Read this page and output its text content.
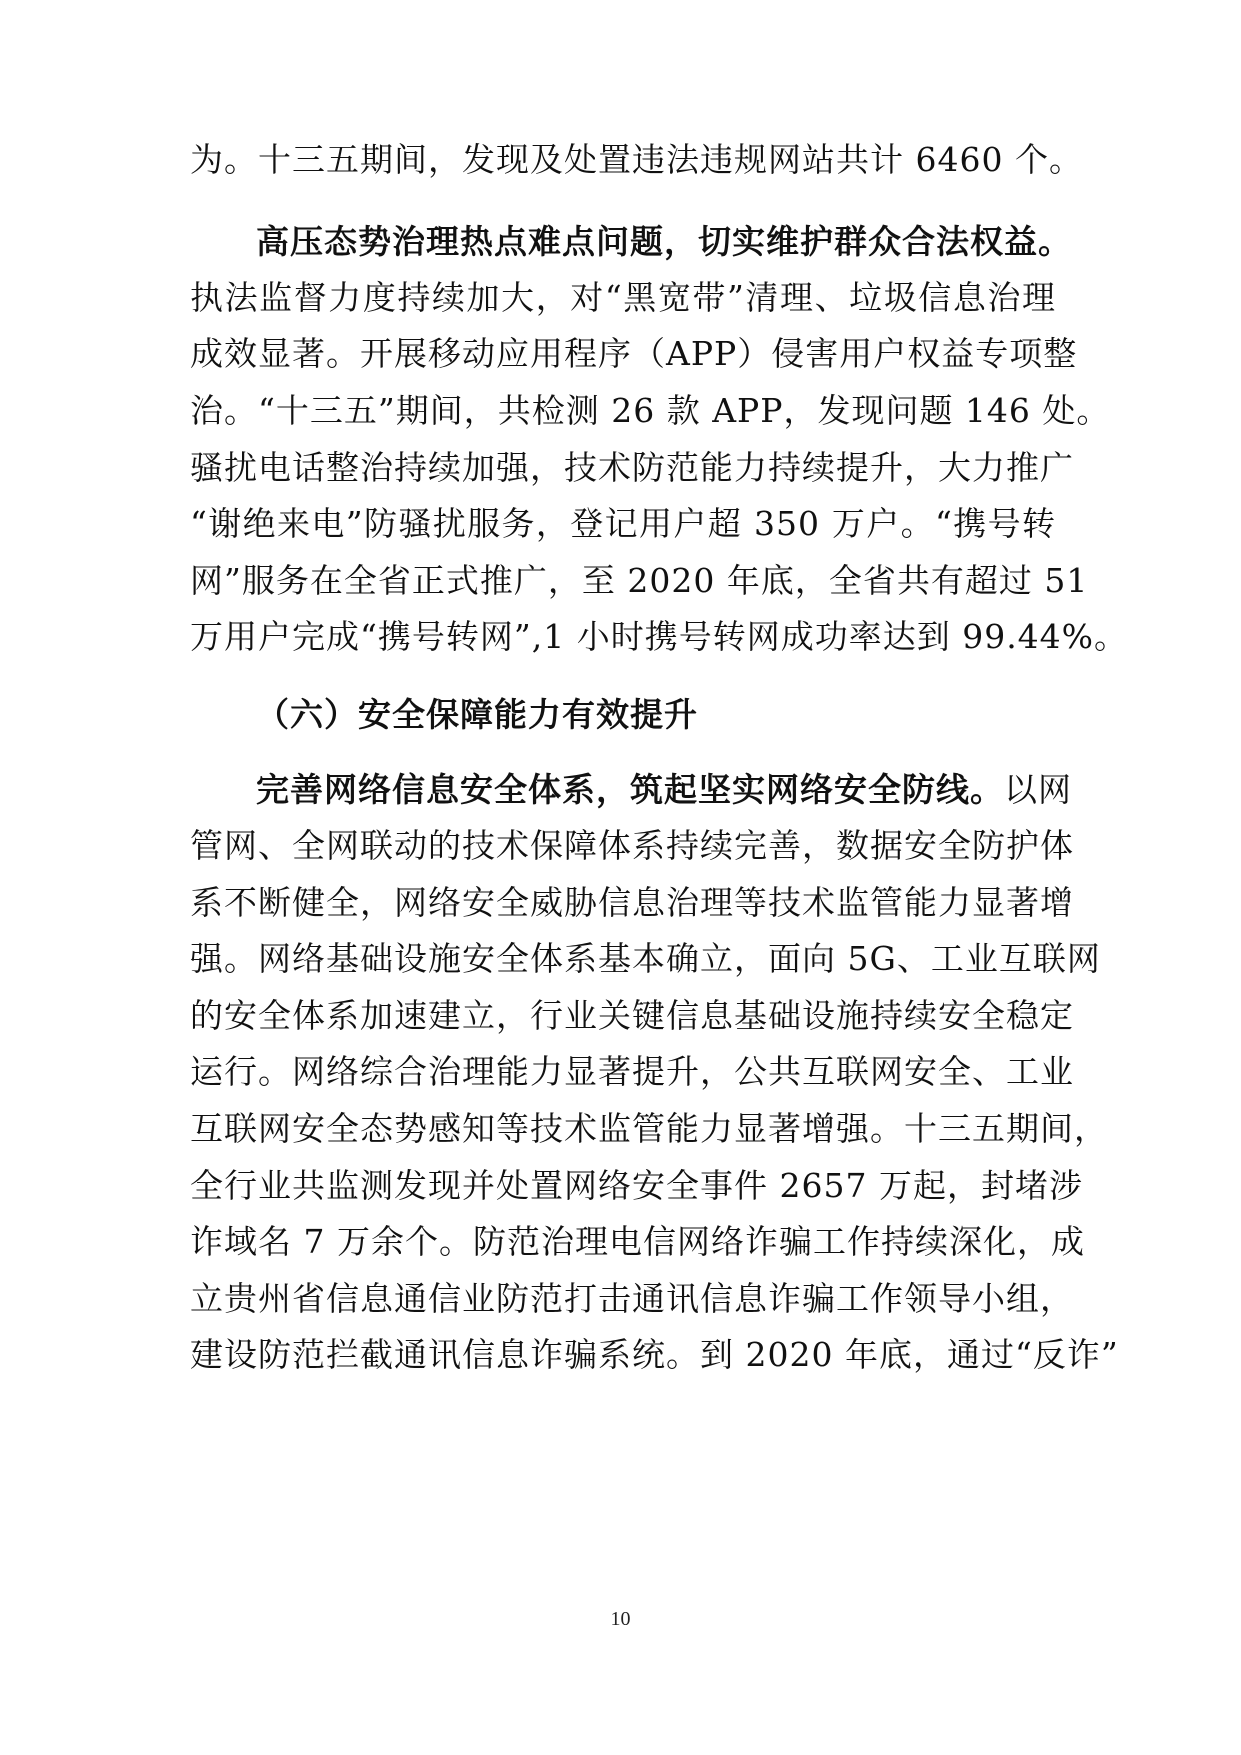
为。十三五期间，发现及处置违法违规网站共计 6460 个。
高压态势治理热点难点问题，切实维护群众合法权益。
执法监督力度持续加大，对“黑宽带”清理、垃圾信息治理
成效显著。开展移动应用程序（APP）侵害用户权益专项整
治。“十三五”期间，共检测 26 款 APP，发现问题 146 处。
骚扰电话整治持续加强，技术防范能力持续提升，大力推广
“谢绝来电”防骚扰服务，登记用户超 350 万户。“携号转
网”服务在全省正式推广，至 2020 年底，全省共有超过 51
万用户完成“携号转网”,1 小时携号转网成功率达到 99.44%。
（六）安全保障能力有效提升
完善网络信息安全体系，筑起坚实网络安全防线。以网
管网、全网联动的技术保障体系持续完善，数据安全防护体
系不断健全，网络安全威胁信息治理等技术监管能力显著增
强。网络基础设施安全体系基本确立，面向 5G、工业互联网
的安全体系加速建立，行业关键信息基础设施持续安全稳定
运行。网络综合治理能力显著提升，公共互联网安全、工业
互联网安全态势感知等技术监管能力显著增强。十三五期间，
全行业共监测发现并处置网络安全事件 2657 万起，封堵涉
诈域名 7 万余个。防范治理电信网络诈骗工作持续深化，成
立贵州省信息通信业防范打击通讯信息诈骗工作领导小组，
建设防范拦截通讯信息诈骗系统。到 2020 年底，通过“反诈”
10
